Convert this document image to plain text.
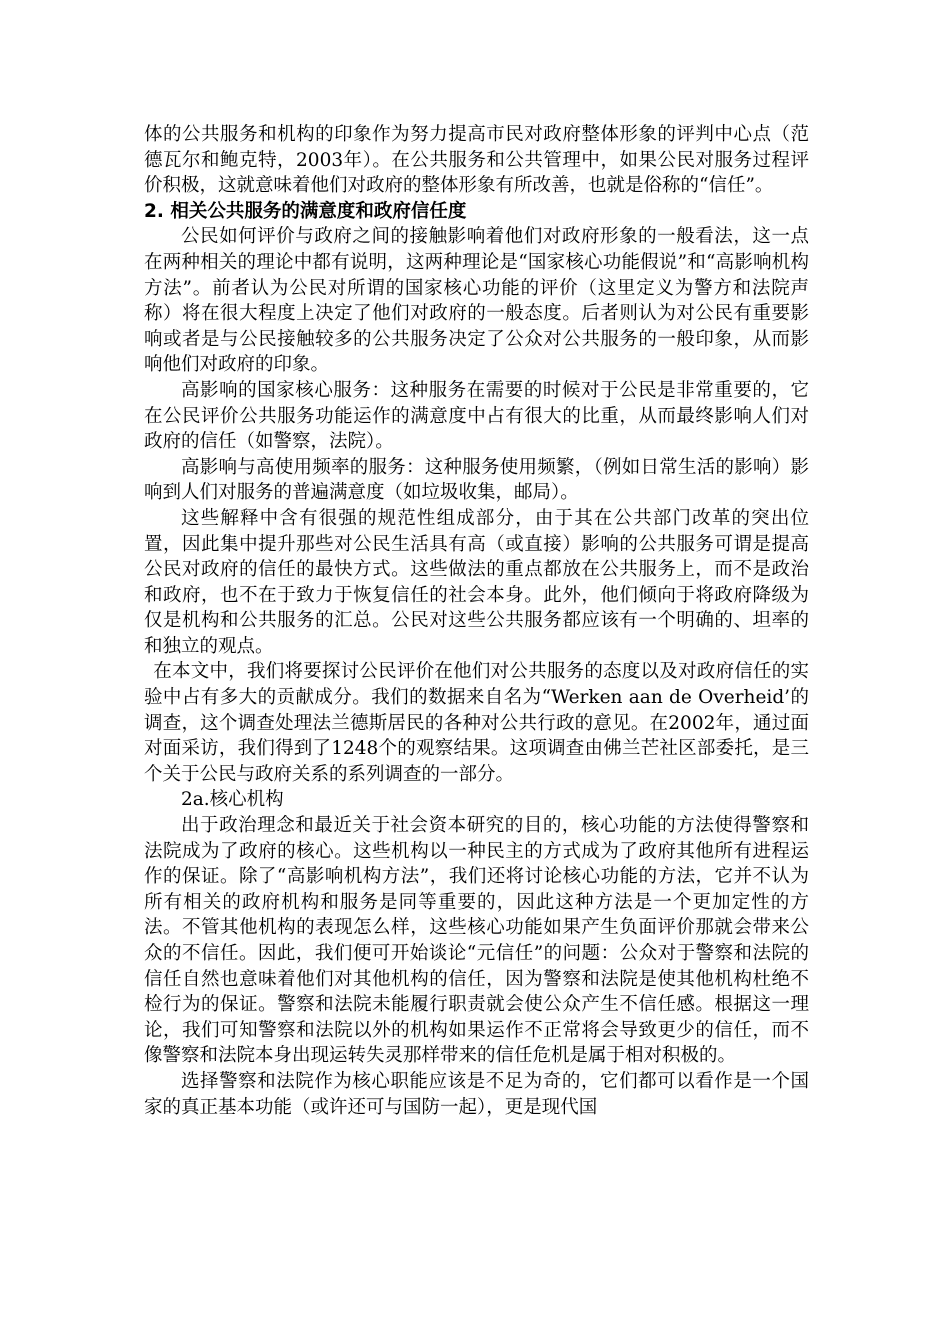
体的公共服务和机构的印象作为努力提高市民对政府整体形象的评判中心点（范德瓦尔和鲍克特，2003年）。在公共服务和公共管理中，如果公民对服务过程评价积极，这就意味着他们对政府的整体形象有所改善，也就是俗称的“信任”。

2. 相关公共服务的满意度和政府信任度

公民如何评价与政府之间的接触影响着他们对政府形象的一般看法，这一点在两种相关的理论中都有说明，这两种理论是“国家核心功能假说”和“高影响机构方法”。前者认为公民对所谓的国家核心功能的评价（这里定义为警方和法院声称）将在很大程度上决定了他们对政府的一般态度。后者则认为对公民有重要影响或者是与公民接触较多的公共服务决定了公众对公共服务的一般印象，从而影响他们对政府的印象。

高影响的国家核心服务：这种服务在需要的时候对于公民是非常重要的，它在公民评价公共服务功能运作的满意度中占有很大的比重，从而最终影响人们对政府的信任（如警察，法院）。

高影响与高使用频率的服务：这种服务使用频繁，（例如日常生活的影响）影响到人们对服务的普遍满意度（如垃圾收集，邮局）。

这些解释中含有很强的规范性组成部分，由于其在公共部门改革的突出位置，因此集中提升那些对公民生活具有高（或直接）影响的公共服务可谓是提高公民对政府的信任的最快方式。这些做法的重点都放在公共服务上，而不是政治和政府，也不在于致力于恢复信任的社会本身。此外，他们倾向于将政府降级为仅是机构和公共服务的汇总。公民对这些公共服务都应该有一个明确的、坦率的和独立的观点。

在本文中，我们将要探讨公民评价在他们对公共服务的态度以及对政府信任的实验中占有多大的贡献成分。我们的数据来自名为“Werken aan de Overheid’的调查，这个调查处理法兰德斯居民的各种对公共行政的意见。在2002年，通过面对面采访，我们得到了1248个的观察结果。这项调查由佛兰芒社区部委托，是三个关于公民与政府关系的系列调查的一部分。

2a.核心机构

出于政治理念和最近关于社会资本研究的目的，核心功能的方法使得警察和法院成为了政府的核心。这些机构以一种民主的方式成为了政府其他所有进程运作的保证。除了“高影响机构方法”，我们还将讨论核心功能的方法，它并不认为所有相关的政府机构和服务是同等重要的，因此这种方法是一个更加定性的方法。不管其他机构的表现怎么样，这些核心功能如果产生负面评价那就会带来公众的不信任。因此，我们便可开始谈论“元信任”的问题：公众对于警察和法院的信任自然也意味着他们对其他机构的信任，因为警察和法院是使其他机构杜绝不检行为的保证。警察和法院未能履行职责就会使公众产生不信任感。根据这一理论，我们可知警察和法院以外的机构如果运作不正常将会导致更少的信任，而不像警察和法院本身出现运转失灵那样带来的信任危机是属于相对积极的。

选择警察和法院作为核心职能应该是不足为奇的，它们都可以看作是一个国家的真正基本功能（或许还可与国防一起），更是现代国
